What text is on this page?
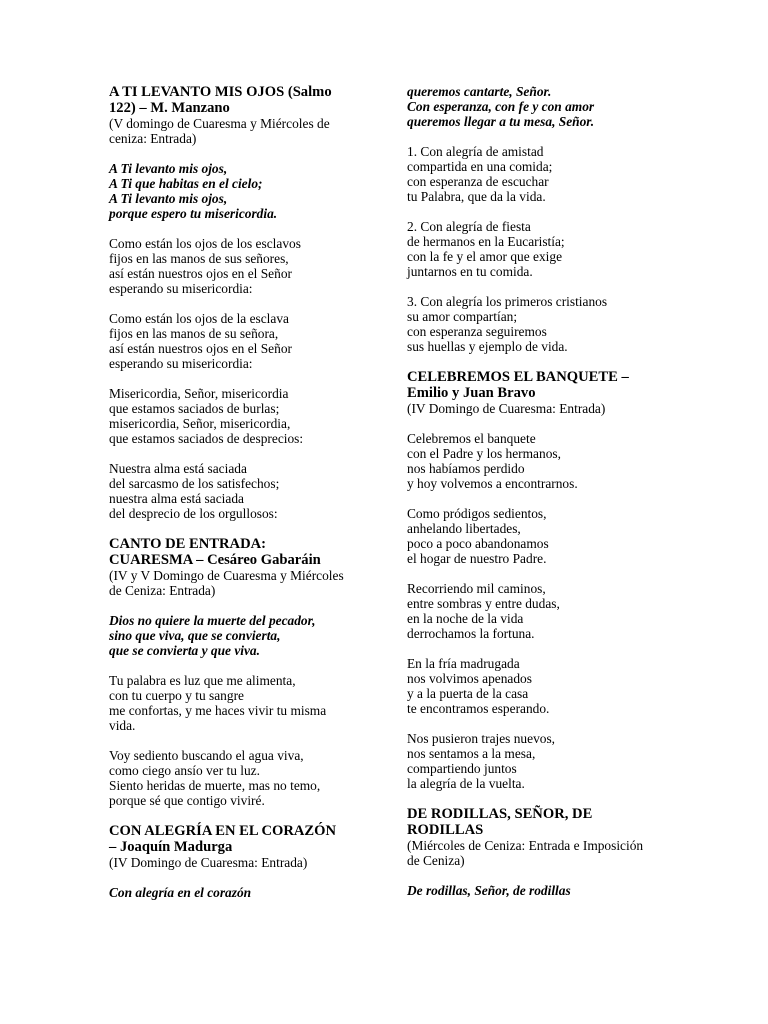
A TI LEVANTO MIS OJOS (Salmo
122) – M. Manzano
(V domingo de Cuaresma y Miércoles de
ceniza: Entrada)
A Ti levanto mis ojos,
A Ti que habitas en el cielo;
A Ti levanto mis ojos,
porque espero tu misericordia.
Como están los ojos de los esclavos
fijos en las manos de sus señores,
así están nuestros ojos en el Señor
esperando su misericordia:
Como están los ojos de la esclava
fijos en las manos de su señora,
así están nuestros ojos en el Señor
esperando su misericordia:
Misericordia, Señor, misericordia
que estamos saciados de burlas;
misericordia, Señor, misericordia,
que estamos saciados de desprecios:
Nuestra alma está saciada
del sarcasmo de los satisfechos;
nuestra alma está saciada
del desprecio de los orgullosos:
CANTO DE ENTRADA:
CUARESMA – Cesáreo Gabaráin
(IV y V Domingo de Cuaresma y Miércoles
de Ceniza: Entrada)
Dios no quiere la muerte del pecador,
sino que viva, que se convierta,
que se convierta y que viva.
Tu palabra es luz que me alimenta,
con tu cuerpo y tu sangre
me confortas, y me haces vivir tu misma
vida.
Voy sediento buscando el agua viva,
como ciego ansío ver tu luz.
Siento heridas de muerte, mas no temo,
porque sé que contigo viviré.
CON ALEGRÍA EN EL CORAZÓN
– Joaquín Madurga
(IV Domingo de Cuaresma: Entrada)
Con alegría en el corazón
queremos cantarte, Señor.
Con esperanza, con fe y con amor
queremos llegar a tu mesa, Señor.
1. Con alegría de amistad
compartida en una comida;
con esperanza de escuchar
tu Palabra, que da la vida.
2. Con alegría de fiesta
de hermanos en la Eucaristía;
con la fe y el amor que exige
juntarnos en tu comida.
3. Con alegría los primeros cristianos
su amor compartían;
con esperanza seguiremos
sus huellas y ejemplo de vida.
CELEBREMOS EL BANQUETE –
Emilio y Juan Bravo
(IV Domingo de Cuaresma: Entrada)
Celebremos el banquete
con el Padre y los hermanos,
nos habíamos perdido
y hoy volvemos a encontrarnos.
Como pródigos sedientos,
anhelando libertades,
poco a poco abandonamos
el hogar de nuestro Padre.
Recorriendo mil caminos,
entre sombras y entre dudas,
en la noche de la vida
derrochamos la fortuna.
En la fría madrugada
nos volvimos apenados
y a la puerta de la casa
te encontramos esperando.
Nos pusieron trajes nuevos,
nos sentamos a la mesa,
compartiendo juntos
la alegría de la vuelta.
DE RODILLAS, SEÑOR, DE
RODILLAS
(Miércoles de Ceniza: Entrada e Imposición
de Ceniza)
De rodillas, Señor, de rodillas
